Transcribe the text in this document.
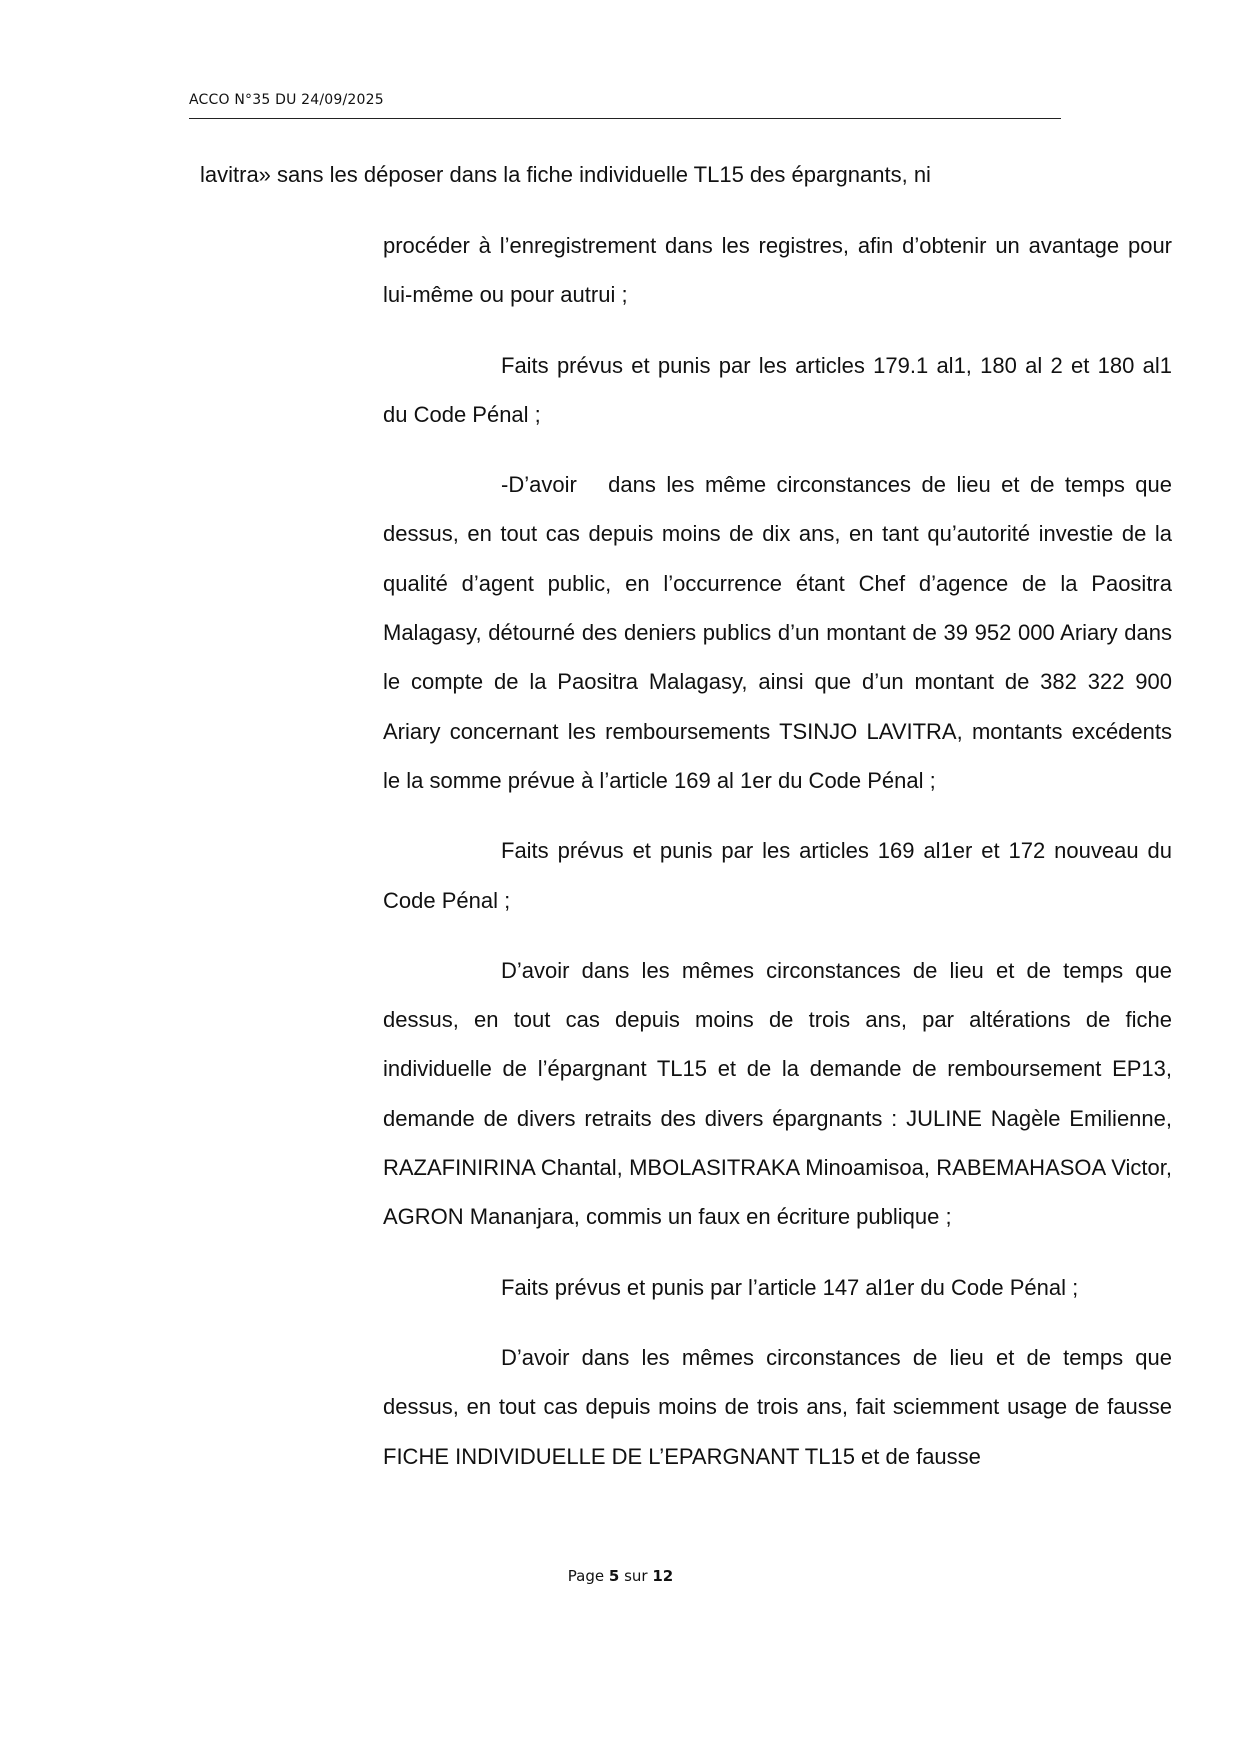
ACCO N°35 DU 24/09/2025
lavitra» sans les déposer dans la fiche individuelle TL15 des épargnants, ni

procéder à l’enregistrement dans les registres, afin d’obtenir un avantage pour lui-même ou pour autrui ;

Faits prévus et punis par les articles 179.1 al1, 180 al 2 et 180 al1 du Code Pénal ;

-D’avoir   dans les même circonstances de lieu et de temps que dessus, en tout cas depuis moins de dix ans, en tant qu’autorité investie de la qualité d’agent public, en l’occurrence étant Chef d’agence de la Paositra Malagasy, détourné des deniers publics d’un montant de 39 952 000 Ariary dans le compte de la Paositra Malagasy, ainsi que d’un montant de 382 322 900 Ariary concernant les remboursements TSINJO LAVITRA, montants excédents le la somme prévue à l’article 169 al 1er du Code Pénal ;

Faits prévus et punis par les articles 169 al1er et 172 nouveau du Code Pénal ;

D’avoir dans les mêmes circonstances de lieu et de temps que dessus, en tout cas depuis moins de trois ans, par altérations de fiche individuelle de l’épargnant TL15 et de la demande de remboursement EP13, demande de divers retraits des divers épargnants : JULINE Nagèle Emilienne, RAZAFINIRINA Chantal, MBOLASITRAKA Minoamisoa, RABEMAHASOA Victor, AGRON Mananjara, commis un faux en écriture publique ;

Faits prévus et punis par l’article 147 al1er du Code Pénal ;

D’avoir dans les mêmes circonstances de lieu et de temps que dessus, en tout cas depuis moins de trois ans, fait sciemment usage de fausse FICHE INDIVIDUELLE DE L’EPARGNANT TL15 et de fausse

Page 5 sur 12
